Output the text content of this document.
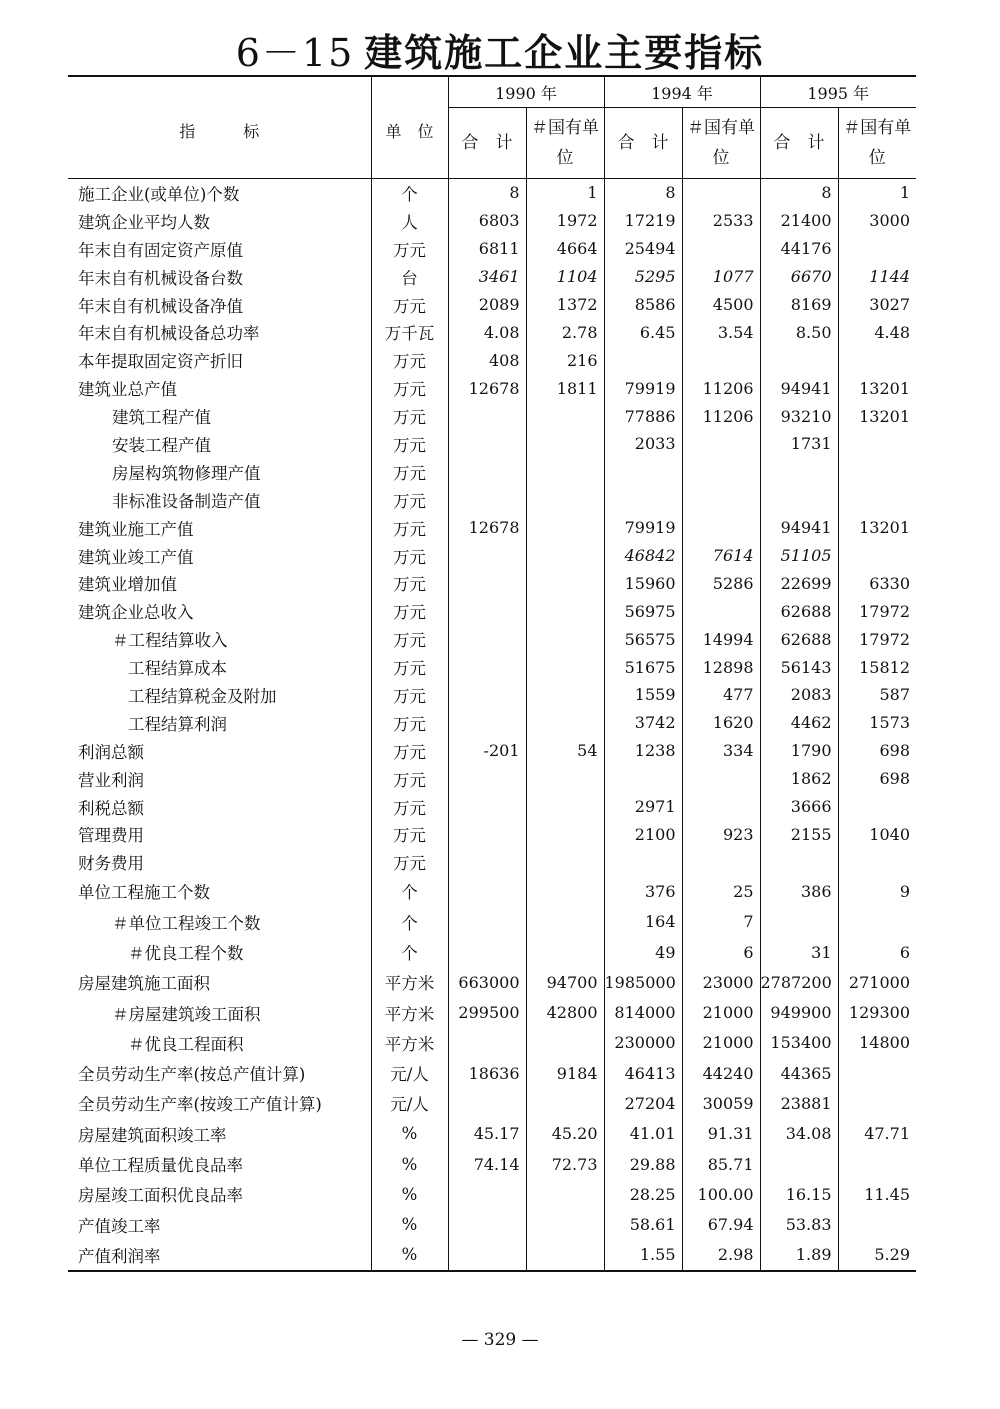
6－15 建筑施工企业主要指标
指　　　标	单　位	1990 年		1994 年		1995 年	
		合　计	＃国有单位	合　计	＃国有单位	合　计	＃国有单位
施工企业(或单位)个数	个	8	1	8		8	1
建筑企业平均人数	人	6803	1972	17219	2533	21400	3000
年末自有固定资产原值	万元	6811	4664	25494		44176	
年末自有机械设备台数	台	3461	1104	5295	1077	6670	1144
年末自有机械设备净值	万元	2089	1372	8586	4500	8169	3027
年末自有机械设备总功率	万千瓦	4.08	2.78	6.45	3.54	8.50	4.48
本年提取固定资产折旧	万元	408	216				
建筑业总产值	万元	12678	1811	79919	11206	94941	13201
建筑工程产值	万元			77886	11206	93210	13201
安装工程产值	万元			2033		1731	
房屋构筑物修理产值	万元						
非标准设备制造产值	万元						
建筑业施工产值	万元	12678		79919		94941	13201
建筑业竣工产值	万元			46842	7614	51105	
建筑业增加值	万元			15960	5286	22699	6330
建筑企业总收入	万元			56975		62688	17972
＃工程结算收入	万元			56575	14994	62688	17972
工程结算成本	万元			51675	12898	56143	15812
工程结算税金及附加	万元			1559	477	2083	587
工程结算利润	万元			3742	1620	4462	1573
利润总额	万元	-201	54	1238	334	1790	698
营业利润	万元					1862	698
利税总额	万元			2971		3666	
管理费用	万元			2100	923	2155	1040
财务费用	万元						
单位工程施工个数	个			376	25	386	9
＃单位工程竣工个数	个			164	7		
＃优良工程个数	个			49	6	31	6
房屋建筑施工面积	平方米	663000	94700	1985000	23000	2787200	271000
＃房屋建筑竣工面积	平方米	299500	42800	814000	21000	949900	129300
＃优良工程面积	平方米			230000	21000	153400	14800
全员劳动生产率(按总产值计算)	元/人	18636	9184	46413	44240	44365	
全员劳动生产率(按竣工产值计算)	元/人			27204	30059	23881	
房屋建筑面积竣工率	%	45.17	45.20	41.01	91.31	34.08	47.71
单位工程质量优良品率	%	74.14	72.73	29.88	85.71		
房屋竣工面积优良品率	%			28.25	100.00	16.15	11.45
产值竣工率	%			58.61	67.94	53.83	
产值利润率	%			1.55	2.98	1.89	5.29
— 329 —
